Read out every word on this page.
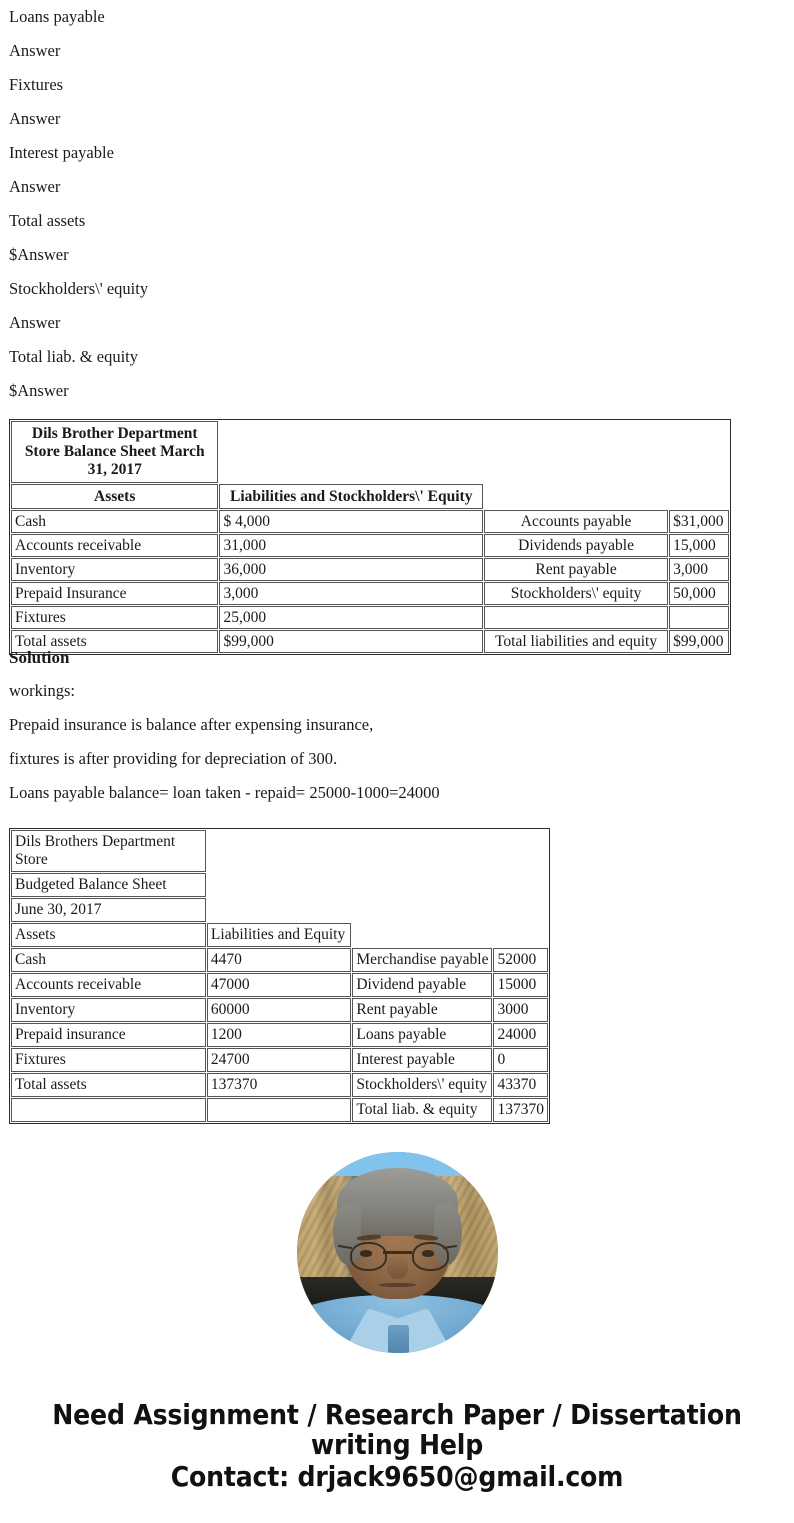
Loans payable
Answer
Fixtures
Answer
Interest payable
Answer
Total assets
$Answer
Stockholders\' equity
Answer
Total liab. & equity
$Answer
Dils Brother Department Store Balance Sheet March 31, 2017			
Assets	Liabilities and Stockholders\' Equity		
Cash	$ 4,000	Accounts payable	$31,000
Accounts receivable	31,000	Dividends payable	15,000
Inventory	36,000	Rent payable	3,000
Prepaid Insurance	3,000	Stockholders\' equity	50,000
Fixtures	25,000		
Total assets	$99,000	Total liabilities and equity	$99,000
Solution
workings:
Prepaid insurance is balance after expensing insurance,
fixtures is after providing for depreciation of 300.
Loans payable balance= loan taken - repaid= 25000-1000=24000
Dils Brothers Department Store			
Budgeted Balance Sheet			
June 30, 2017			
Assets	Liabilities and Equity		
Cash	4470	Merchandise payable	52000
Accounts receivable	47000	Dividend payable	15000
Inventory	60000	Rent payable	3000
Prepaid insurance	1200	Loans payable	24000
Fixtures	24700	Interest payable	0
Total assets	137370	Stockholders\' equity	43370
		Total liab. & equity	137370
Need Assignment / Research Paper / Dissertation
writing Help
Contact: drjack9650@gmail.com
